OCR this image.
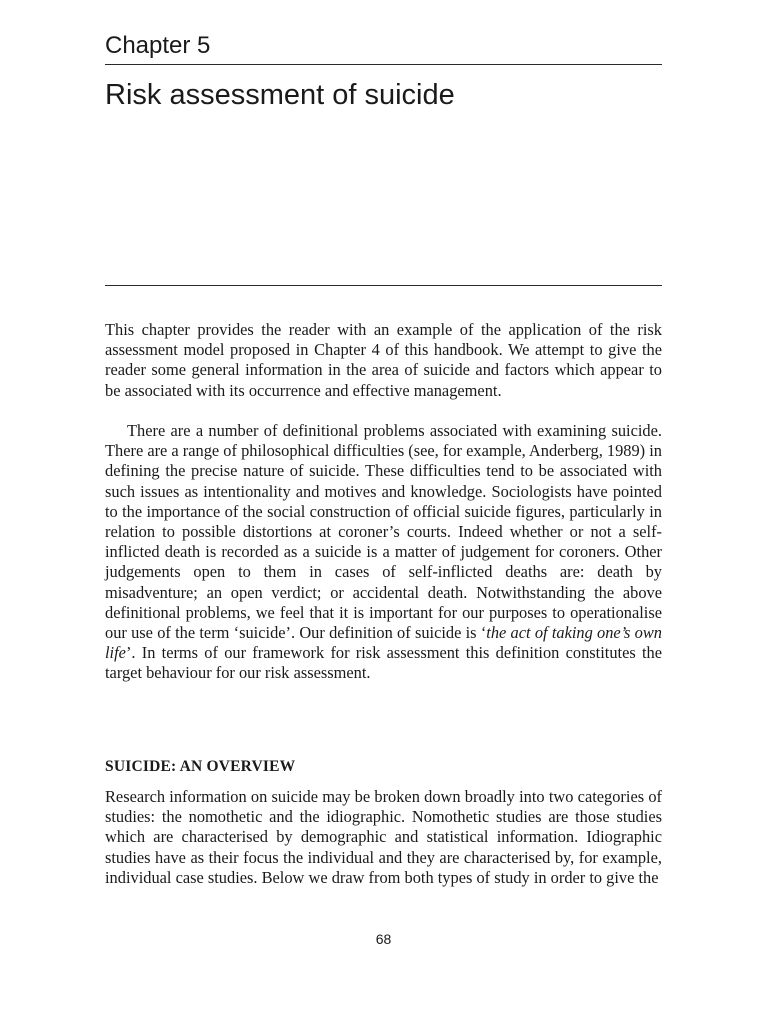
Chapter 5
Risk assessment of suicide

This chapter provides the reader with an example of the application of the risk assessment model proposed in Chapter 4 of this handbook. We attempt to give the reader some general information in the area of suicide and factors which appear to be associated with its occurrence and effective management.

There are a number of definitional problems associated with examining suicide. There are a range of philosophical difficulties (see, for example, Anderberg, 1989) in defining the precise nature of suicide. These difficulties tend to be associated with such issues as intentionality and motives and knowledge. Sociologists have pointed to the importance of the social construction of official suicide figures, particularly in relation to possible distortions at coroner’s courts. Indeed whether or not a self-inflicted death is recorded as a suicide is a matter of judgement for coroners. Other judgements open to them in cases of self-inflicted deaths are: death by misadventure; an open verdict; or accidental death. Notwithstanding the above definitional problems, we feel that it is important for our purposes to operationalise our use of the term ‘suicide’. Our definition of suicide is ‘the act of taking one’s own life’. In terms of our framework for risk assessment this definition constitutes the target behaviour for our risk assessment.

SUICIDE: AN OVERVIEW

Research information on suicide may be broken down broadly into two categories of studies: the nomothetic and the idiographic. Nomothetic studies are those studies which are characterised by demographic and statistical information. Idiographic studies have as their focus the individual and they are characterised by, for example, individual case studies. Below we draw from both types of study in order to give the

68
